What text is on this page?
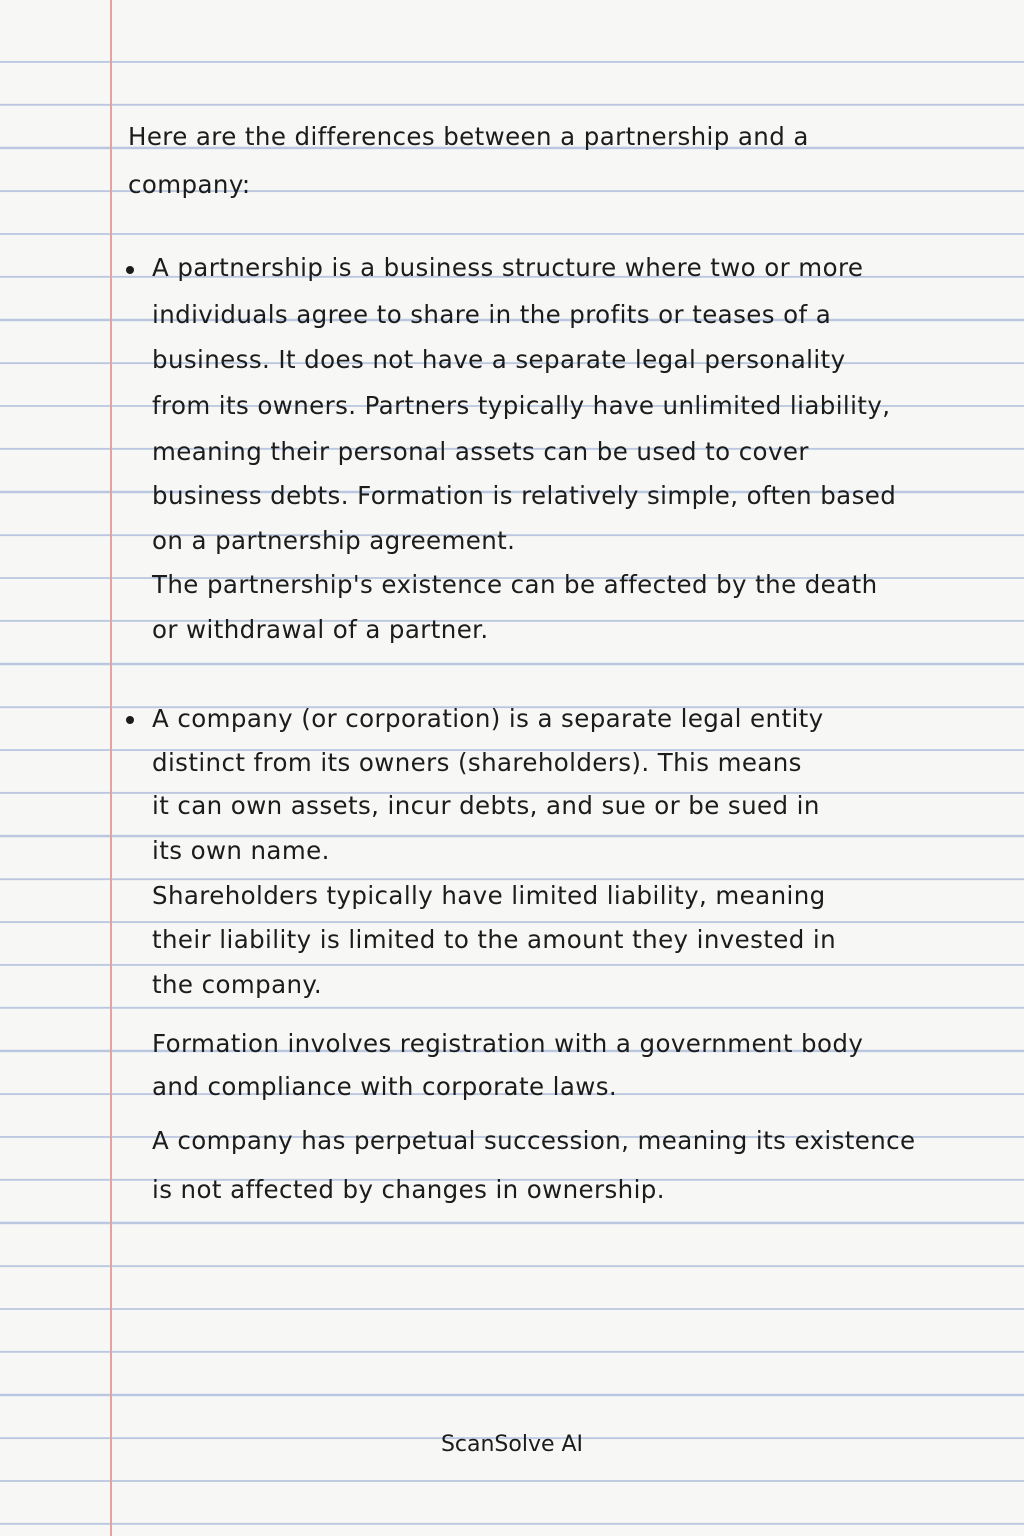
Here are the differences between a partnership and a
company:
A partnership is a business structure where two or more
individuals agree to share in the profits or teases of a
business. It does not have a separate legal personality
from its owners. Partners typically have unlimited liability,
meaning their personal assets can be used to cover
business debts. Formation is relatively simple, often based
on a partnership agreement.
The partnership's existence can be affected by the death
or withdrawal of a partner.
A company (or corporation) is a separate legal entity
distinct from its owners (shareholders). This means
it can own assets, incur debts, and sue or be sued in
its own name.
Shareholders typically have limited liability, meaning
their liability is limited to the amount they invested in
the company.
Formation involves registration with a government body
and compliance with corporate laws.
A company has perpetual succession, meaning its existence
is not affected by changes in ownership.
ScanSolve AI
